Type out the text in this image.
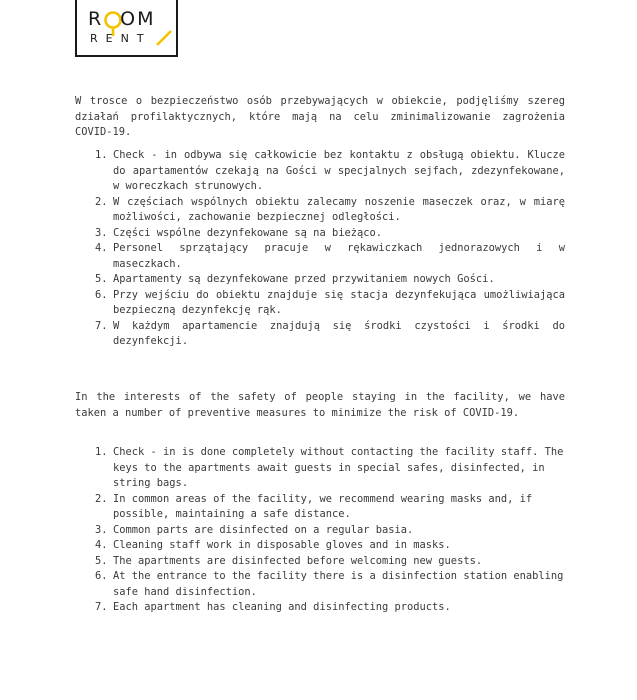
R OM
RENT

W trosce o bezpieczeństwo osób przebywających w obiekcie, podjęliśmy szereg działań profilaktycznych, które mają na celu zminimalizowanie zagrożenia COVID-19.

1. Check - in odbywa się całkowicie bez kontaktu z obsługą obiektu. Klucze do apartamentów czekają na Gości w specjalnych sejfach, zdezynfekowane, w woreczkach strunowych.
2. W częściach wspólnych obiektu zalecamy noszenie maseczek oraz, w miarę możliwości, zachowanie bezpiecznej odległości.
3. Części wspólne dezynfekowane są na bieżąco.
4. Personel sprzątający pracuje w rękawiczkach jednorazowych i w maseczkach.
5. Apartamenty są dezynfekowane przed przywitaniem nowych Gości.
6. Przy wejściu do obiektu znajduje się stacja dezynfekująca umożliwiająca bezpieczną dezynfekcję rąk.
7. W każdym apartamencie znajdują się środki czystości i środki do dezynfekcji.

In the interests of the safety of people staying in the facility, we have taken a number of preventive measures to minimize the risk of COVID-19.

1. Check - in is done completely without contacting the facility staff. The keys to the apartments await guests in special safes, disinfected, in string bags.
2. In common areas of the facility, we recommend wearing masks and, if possible, maintaining a safe distance.
3. Common parts are disinfected on a regular basia.
4. Cleaning staff work in disposable gloves and in masks.
5. The apartments are disinfected before welcoming new guests.
6. At the entrance to the facility there is a disinfection station enabling safe hand disinfection.
7. Each apartment has cleaning and disinfecting products.
